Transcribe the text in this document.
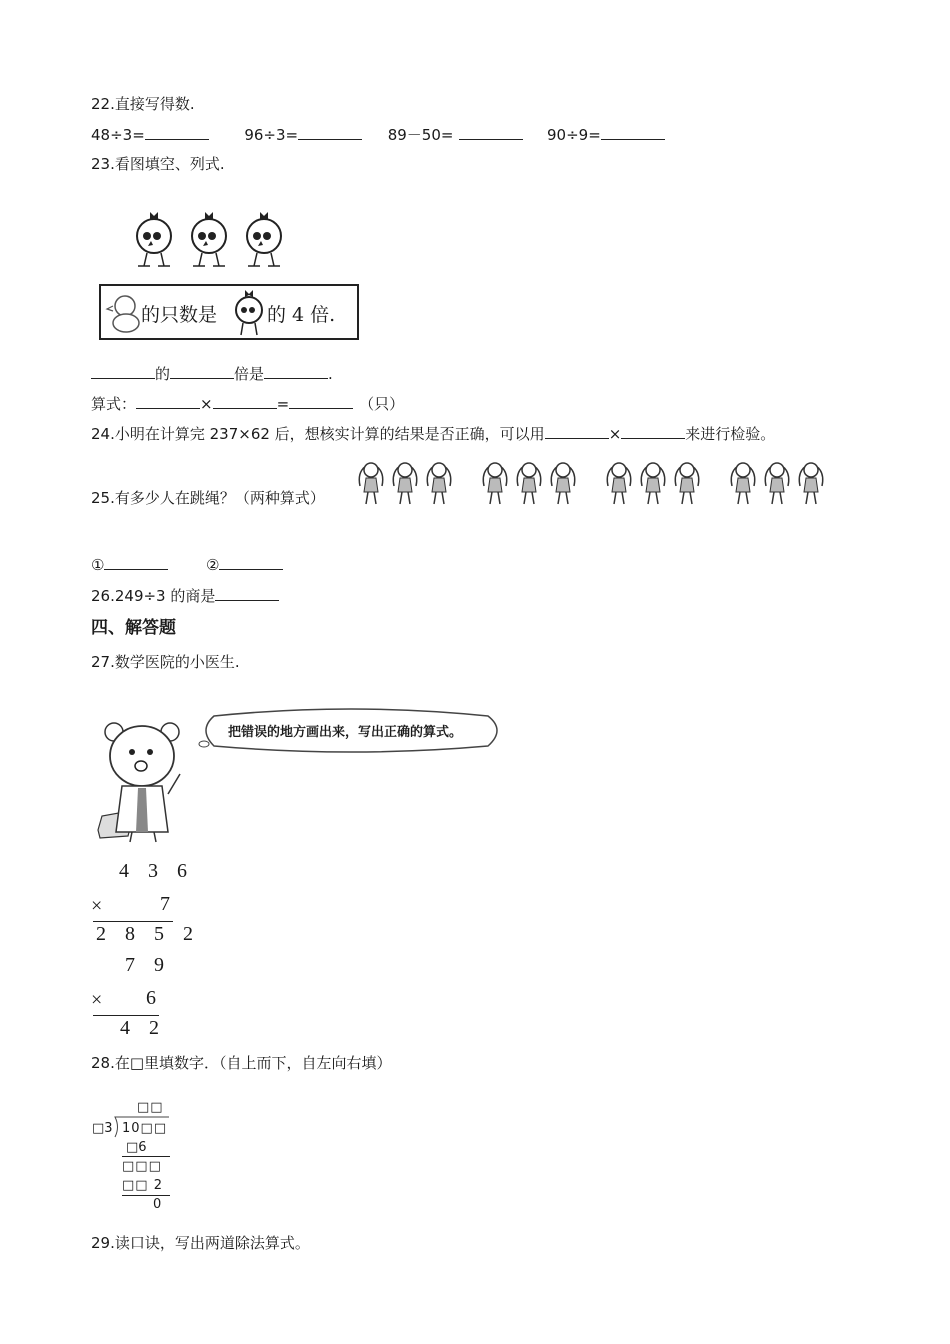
22.直接写得数.
48÷3=	96÷3=	89－50=	90÷9=
23.看图填空、列式.
的只数是	的 4 倍.
的	倍是	.
算式：	×	=	（只）
24.小明在计算完 237×62 后，想核实计算的结果是否正确，可以用	×	来进行检验。
25.有多少人在跳绳？（两种算式）
①	②
26.249÷3 的商是
四、解答题
27.数学医院的小医生.
把错误的地方画出来，写出正确的算式。
4 3 6
×	7
2 8 5 2
7 9
× 6
4 2
28.在□里填数字．（自上而下，自左向右填）
□□
□3 10□□
□6
□□□
□□ 2
0
29.读口诀，写出两道除法算式。
